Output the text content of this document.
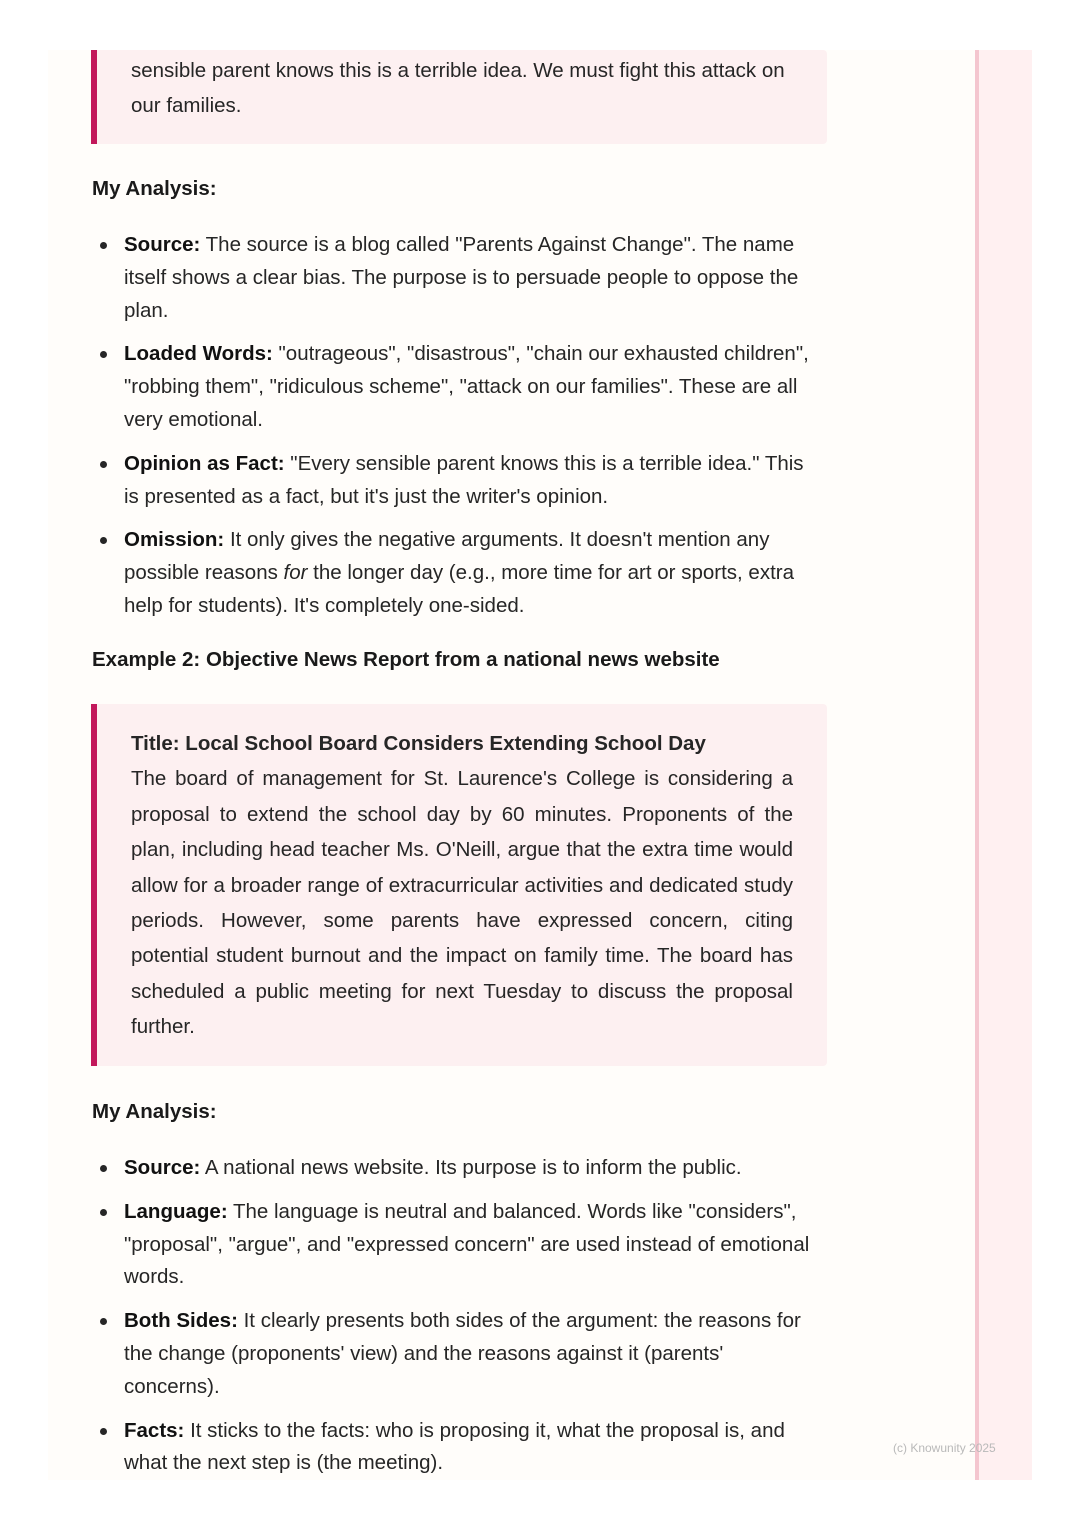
sensible parent knows this is a terrible idea. We must fight this attack on our families.

My Analysis:
Source: The source is a blog called "Parents Against Change". The name itself shows a clear bias. The purpose is to persuade people to oppose the plan.
Loaded Words: "outrageous", "disastrous", "chain our exhausted children", "robbing them", "ridiculous scheme", "attack on our families". These are all very emotional.
Opinion as Fact: "Every sensible parent knows this is a terrible idea." This is presented as a fact, but it's just the writer's opinion.
Omission: It only gives the negative arguments. It doesn't mention any possible reasons for the longer day (e.g., more time for art or sports, extra help for students). It's completely one-sided.
Example 2: Objective News Report from a national news website

Title: Local School Board Considers Extending School Day
The board of management for St. Laurence's College is considering a proposal to extend the school day by 60 minutes. Proponents of the plan, including head teacher Ms. O'Neill, argue that the extra time would allow for a broader range of extracurricular activities and dedicated study periods. However, some parents have expressed concern, citing potential student burnout and the impact on family time. The board has scheduled a public meeting for next Tuesday to discuss the proposal further.

My Analysis:
Source: A national news website. Its purpose is to inform the public.
Language: The language is neutral and balanced. Words like "considers", "proposal", "argue", and "expressed concern" are used instead of emotional words.
Both Sides: It clearly presents both sides of the argument: the reasons for the change (proponents' view) and the reasons against it (parents' concerns).
Facts: It sticks to the facts: who is proposing it, what the proposal is, and what the next step is (the meeting).
(c) Knowunity 2025
